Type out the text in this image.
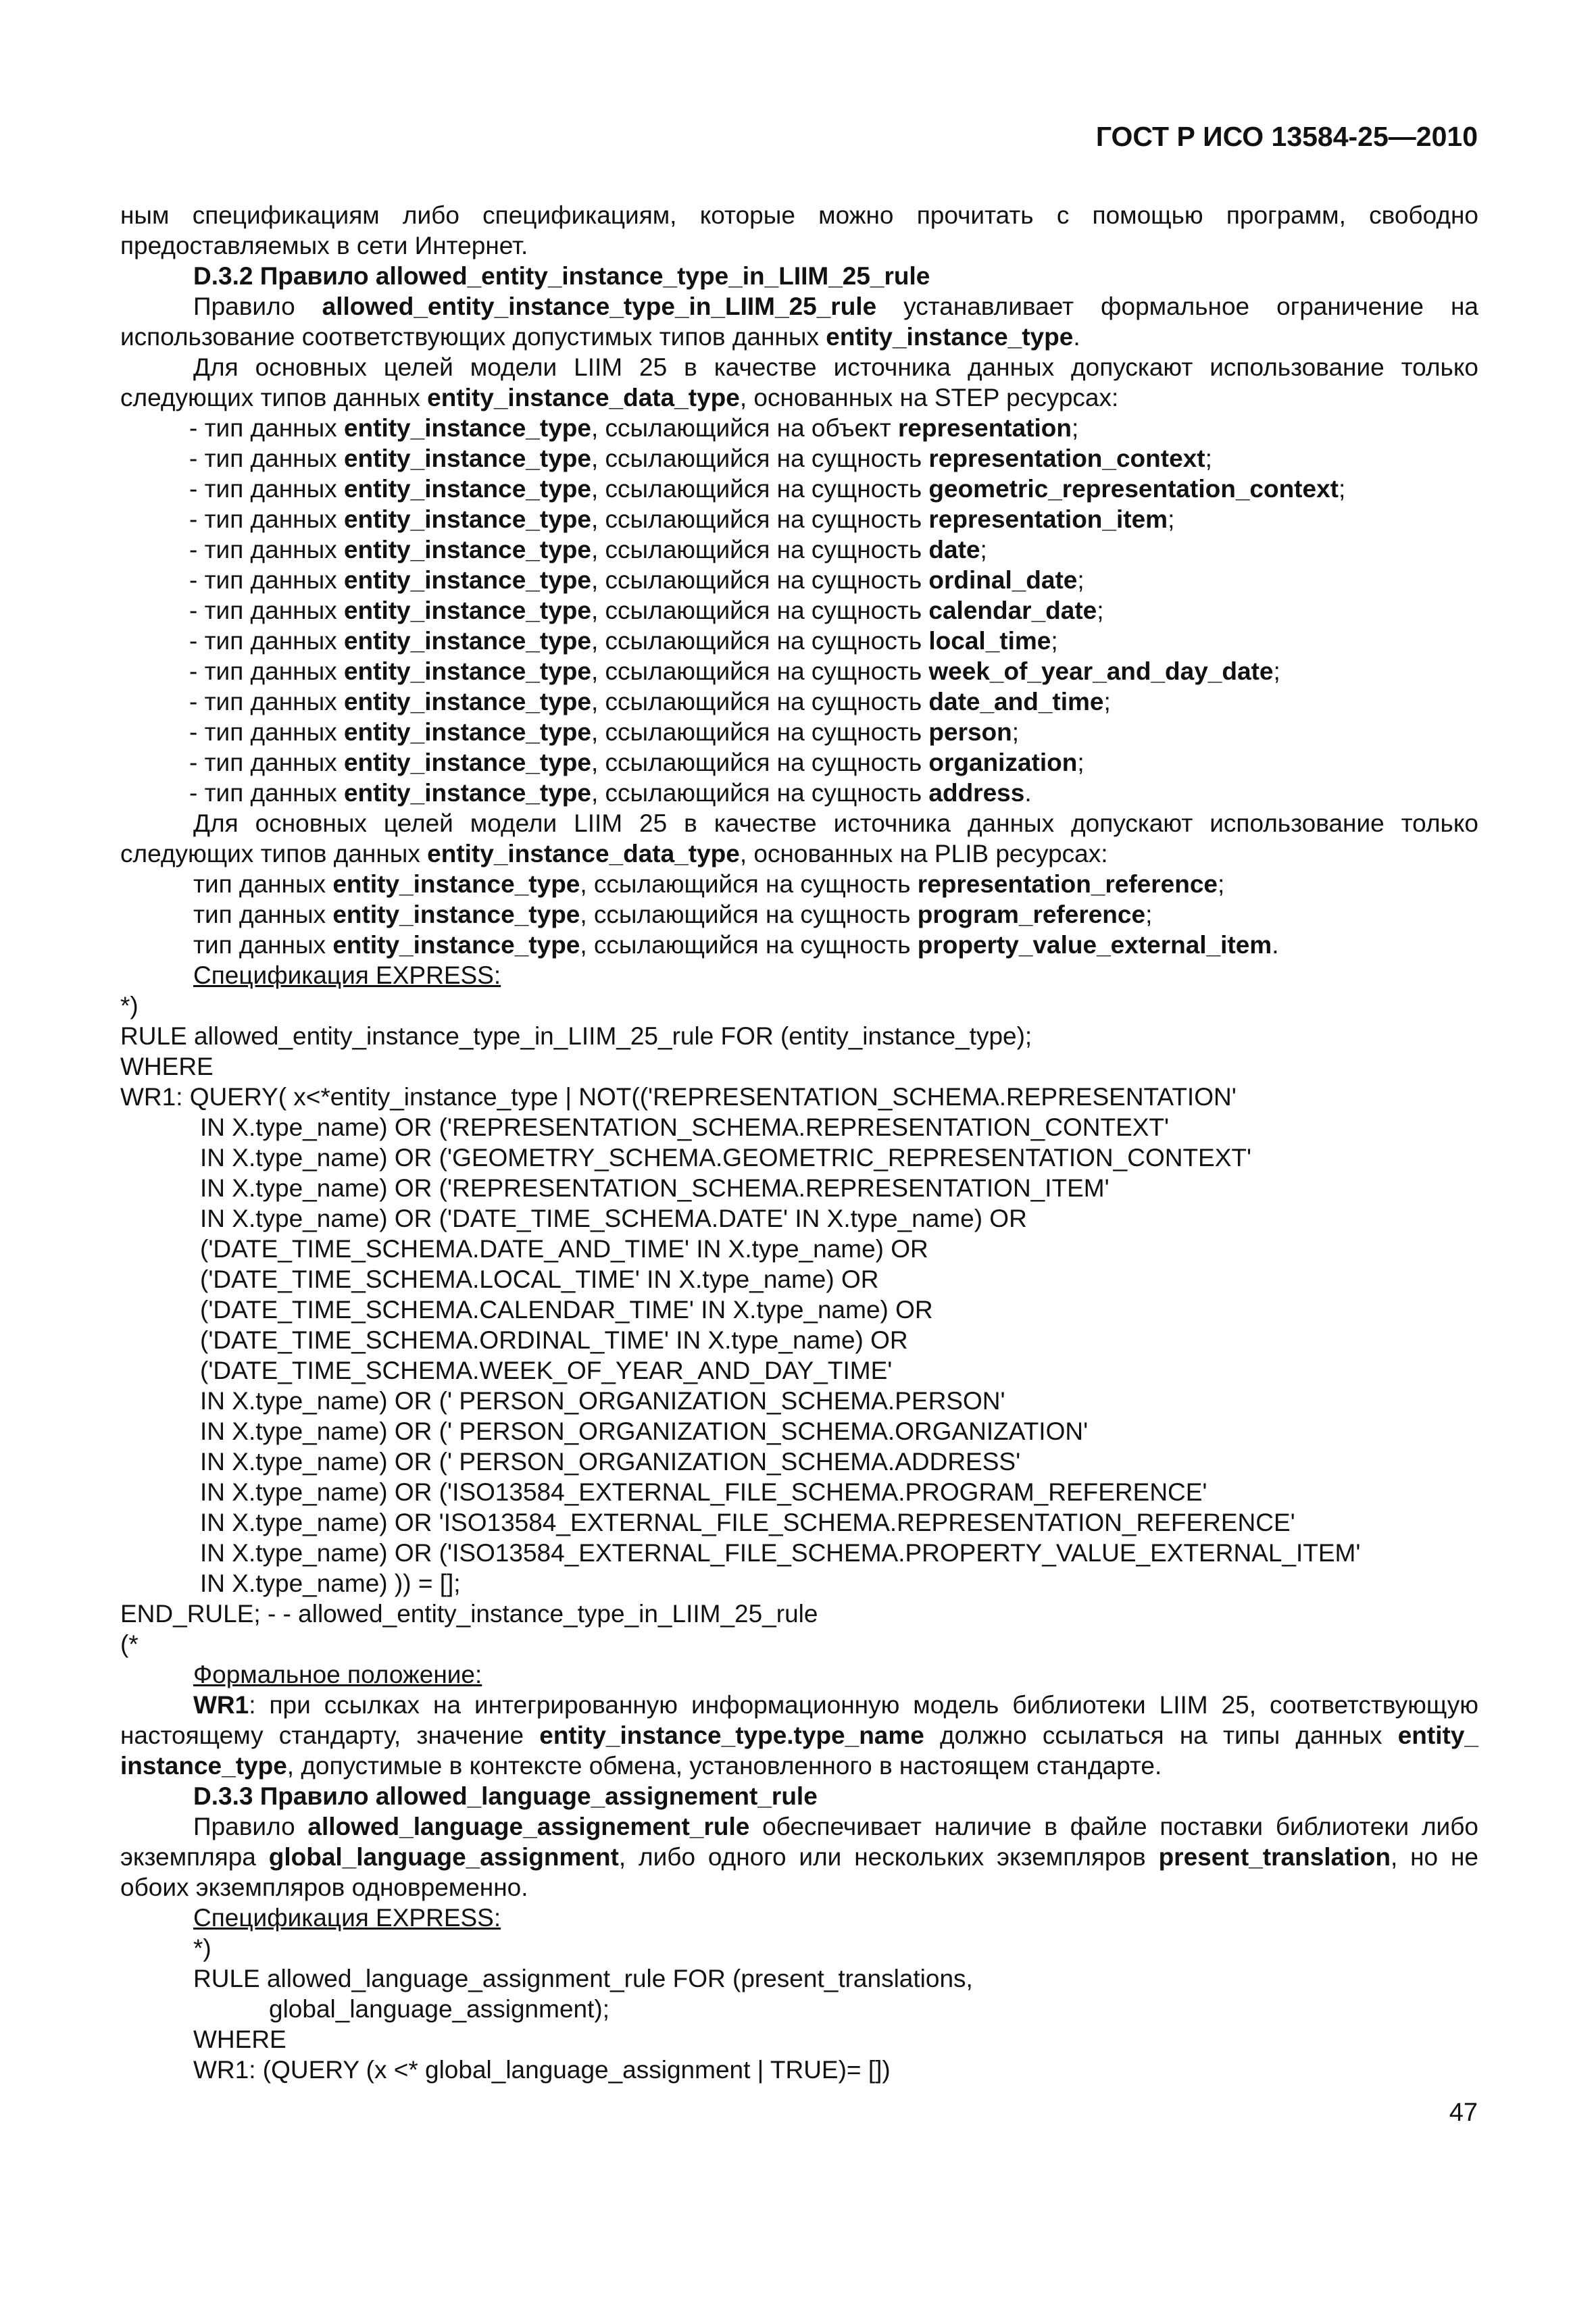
ГОСТ Р ИСО 13584-25—2010

ным спецификациям либо спецификациям, которые можно прочитать с помощью программ, свободно предоставляемых в сети Интернет.

D.3.2 Правило allowed_entity_instance_type_in_LIIM_25_rule

Правило allowed_entity_instance_type_in_LIIM_25_rule устанавливает формальное ограничение на использование соответствующих допустимых типов данных entity_instance_type.

Для основных целей модели LIIM 25 в качестве источника данных допускают использование только следующих типов данных entity_instance_data_type, основанных на STEP ресурсах:

- тип данных entity_instance_type, ссылающийся на объект representation;

- тип данных entity_instance_type, ссылающийся на сущность representation_context;

- тип данных entity_instance_type, ссылающийся на сущность geometric_representation_context;

- тип данных entity_instance_type, ссылающийся на сущность representation_item;

- тип данных entity_instance_type, ссылающийся на сущность date;

- тип данных entity_instance_type, ссылающийся на сущность ordinal_date;

- тип данных entity_instance_type, ссылающийся на сущность calendar_date;

- тип данных entity_instance_type, ссылающийся на сущность local_time;

- тип данных entity_instance_type, ссылающийся на сущность week_of_year_and_day_date;

- тип данных entity_instance_type, ссылающийся на сущность date_and_time;

- тип данных entity_instance_type, ссылающийся на сущность person;

- тип данных entity_instance_type, ссылающийся на сущность organization;

- тип данных entity_instance_type, ссылающийся на сущность address.

Для основных целей модели LIIM 25 в качестве источника данных допускают использование только следующих типов данных entity_instance_data_type, основанных на PLIB ресурсах:

тип данных entity_instance_type, ссылающийся на сущность representation_reference;

тип данных entity_instance_type, ссылающийся на сущность program_reference;

тип данных entity_instance_type, ссылающийся на сущность property_value_external_item.

Спецификация EXPRESS:

*)
RULE allowed_entity_instance_type_in_LIIM_25_rule FOR (entity_instance_type);
WHERE
WR1: QUERY( x<*entity_instance_type | NOT(('REPRESENTATION_SCHEMA.REPRESENTATION'
IN X.type_name) OR ('REPRESENTATION_SCHEMA.REPRESENTATION_CONTEXT'
IN X.type_name) OR ('GEOMETRY_SCHEMA.GEOMETRIC_REPRESENTATION_CONTEXT'
IN X.type_name) OR ('REPRESENTATION_SCHEMA.REPRESENTATION_ITEM'
IN X.type_name) OR ('DATE_TIME_SCHEMA.DATE' IN X.type_name) OR
('DATE_TIME_SCHEMA.DATE_AND_TIME' IN X.type_name) OR
('DATE_TIME_SCHEMA.LOCAL_TIME' IN X.type_name) OR
('DATE_TIME_SCHEMA.CALENDAR_TIME' IN X.type_name) OR
('DATE_TIME_SCHEMA.ORDINAL_TIME' IN X.type_name) OR
('DATE_TIME_SCHEMA.WEEK_OF_YEAR_AND_DAY_TIME'
IN X.type_name) OR (' PERSON_ORGANIZATION_SCHEMA.PERSON'
IN X.type_name) OR (' PERSON_ORGANIZATION_SCHEMA.ORGANIZATION'
IN X.type_name) OR (' PERSON_ORGANIZATION_SCHEMA.ADDRESS'
IN X.type_name) OR ('ISO13584_EXTERNAL_FILE_SCHEMA.PROGRAM_REFERENCE'
IN X.type_name) OR 'ISO13584_EXTERNAL_FILE_SCHEMA.REPRESENTATION_REFERENCE'
IN X.type_name) OR ('ISO13584_EXTERNAL_FILE_SCHEMA.PROPERTY_VALUE_EXTERNAL_ITEM'
IN X.type_name) )) = [];
END_RULE; - - allowed_entity_instance_type_in_LIIM_25_rule
(*

Формальное положение:

WR1: при ссылках на интегрированную информационную модель библиотеки LIIM 25, соответствующую настоящему стандарту, значение entity_instance_type.type_name должно ссылаться на типы данных entity_ instance_type, допустимые в контексте обмена, установленного в настоящем стандарте.

D.3.3 Правило allowed_language_assignement_rule

Правило allowed_language_assignement_rule обеспечивает наличие в файле поставки библиотеки либо экземпляра global_language_assignment, либо одного или нескольких экземпляров present_translation, но не обоих экземпляров одновременно.

Спецификация EXPRESS:

*)
RULE allowed_language_assignment_rule FOR (present_translations,
global_language_assignment);
WHERE
WR1: (QUERY (x <* global_language_assignment | TRUE)= [])
47
